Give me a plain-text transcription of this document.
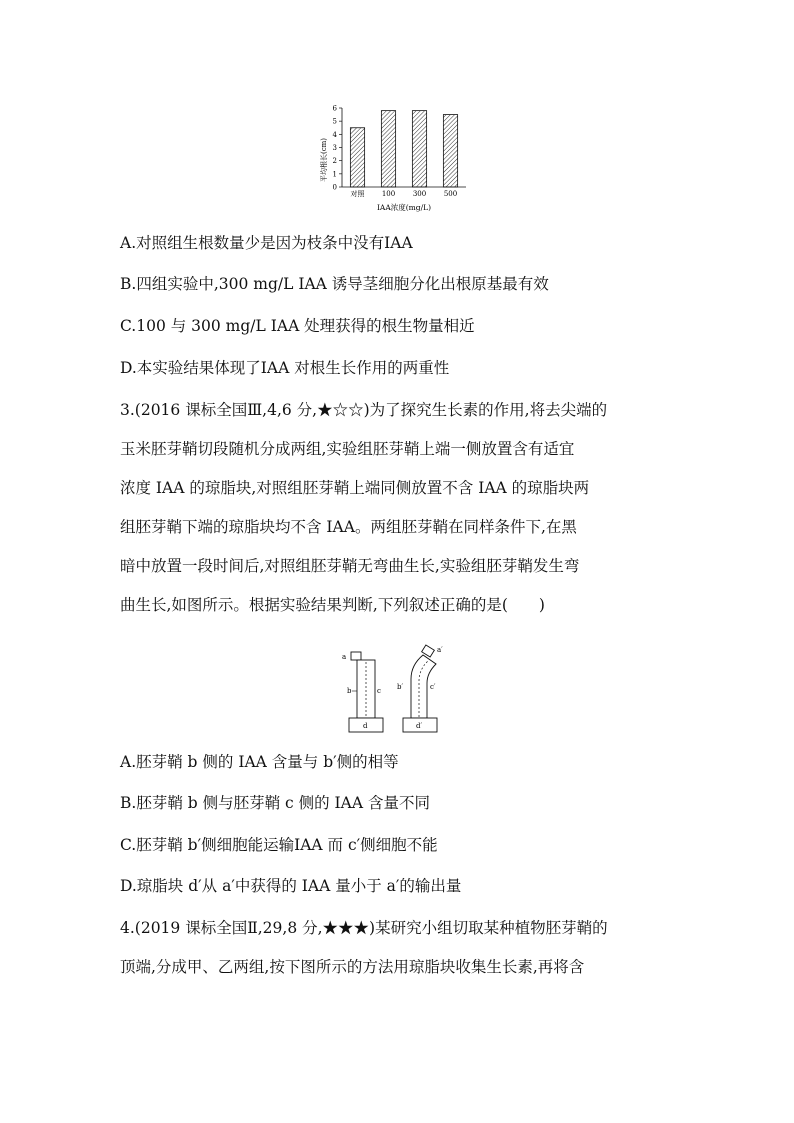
平均根长(cm)
0
1
2
3
4
5
6
对照 100	300	500
IAA浓度(mg/L)
A.对照组生根数量少是因为枝条中没有IAA
B.四组实验中,300 mg/L IAA 诱导茎细胞分化出根原基最有效
C.100 与 300 mg/L IAA 处理获得的根生物量相近
D.本实验结果体现了IAA 对根生长作用的两重性
3.(2016 课标全国Ⅲ,4,6 分,★☆☆)为了探究生长素的作用,将去尖端的
玉米胚芽鞘切段随机分成两组,实验组胚芽鞘上端一侧放置含有适宜
浓度 IAA 的琼脂块,对照组胚芽鞘上端同侧放置不含 IAA 的琼脂块两
组胚芽鞘下端的琼脂块均不含 IAA。两组胚芽鞘在同样条件下,在黑
暗中放置一段时间后,对照组胚芽鞘无弯曲生长,实验组胚芽鞘发生弯
曲生长,如图所示。根据实验结果判断,下列叙述正确的是(　　)
a
b	c
d
a′
b′	c′
d′
A.胚芽鞘 b 侧的 IAA 含量与 b′侧的相等
B.胚芽鞘 b 侧与胚芽鞘 c 侧的 IAA 含量不同
C.胚芽鞘 b′侧细胞能运输IAA 而 c′侧细胞不能
D.琼脂块 d′从 a′中获得的 IAA 量小于 a′的输出量
4.(2019 课标全国Ⅱ,29,8 分,★★★)某研究小组切取某种植物胚芽鞘的
顶端,分成甲、乙两组,按下图所示的方法用琼脂块收集生长素,再将含
